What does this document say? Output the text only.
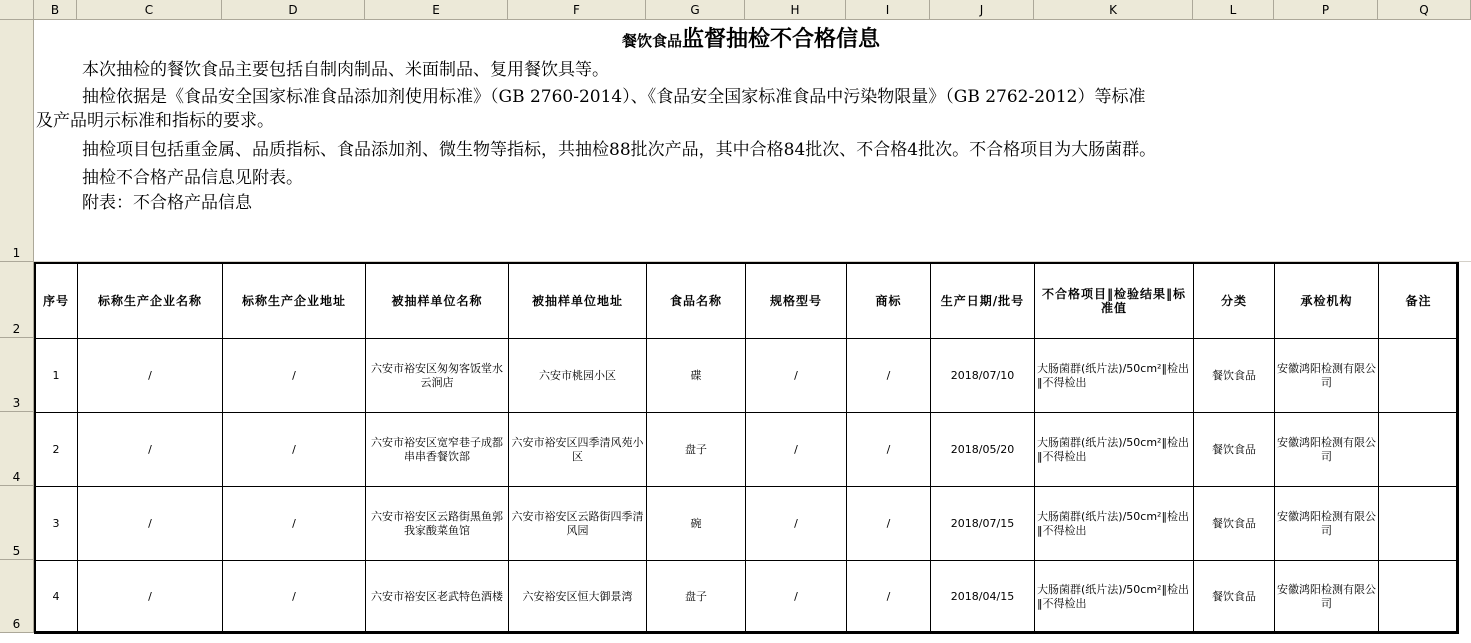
B	C	D	E	F	G	H	I	J	K	L	P	Q
1
2
3
4
5
6
餐饮食品监督抽检不合格信息
本次抽检的餐饮食品主要包括自制肉制品、米面制品、复用餐饮具等。
抽检依据是《食品安全国家标准食品添加剂使用标准》（GB 2760-2014）、《食品安全国家标准食品中污染物限量》（GB 2762-2012）等标准
及产品明示标准和指标的要求。
抽检项目包括重金属、品质指标、食品添加剂、微生物等指标，共抽检88批次产品，其中合格84批次、不合格4批次。不合格项目为大肠菌群。
抽检不合格产品信息见附表。
附表：不合格产品信息
序号	标称生产企业名称	标称生产企业地址	被抽样单位名称	被抽样单位地址	食品名称	规格型号	商标	生产日期/批号	不合格项目‖检验结果‖标准值	分类	承检机构	备注
1	/	/	六安市裕安区匆匆客饭堂水云涧店	六安市桃园小区	碟	/	/	2018/07/10	大肠菌群(纸片法)/50cm²‖检出‖不得检出	餐饮食品	安徽鸿阳检测有限公司	
2	/	/	六安市裕安区宽窄巷子成都串串香餐饮部	六安市裕安区四季清风苑小区	盘子	/	/	2018/05/20	大肠菌群(纸片法)/50cm²‖检出‖不得检出	餐饮食品	安徽鸿阳检测有限公司	
3	/	/	六安市裕安区云路街黑鱼郭我家酸菜鱼馆	六安市裕安区云路街四季清风园	碗	/	/	2018/07/15	大肠菌群(纸片法)/50cm²‖检出‖不得检出	餐饮食品	安徽鸿阳检测有限公司	
4	/	/	六安市裕安区老武特色酒楼	六安裕安区恒大御景湾	盘子	/	/	2018/04/15	大肠菌群(纸片法)/50cm²‖检出‖不得检出	餐饮食品	安徽鸿阳检测有限公司	
